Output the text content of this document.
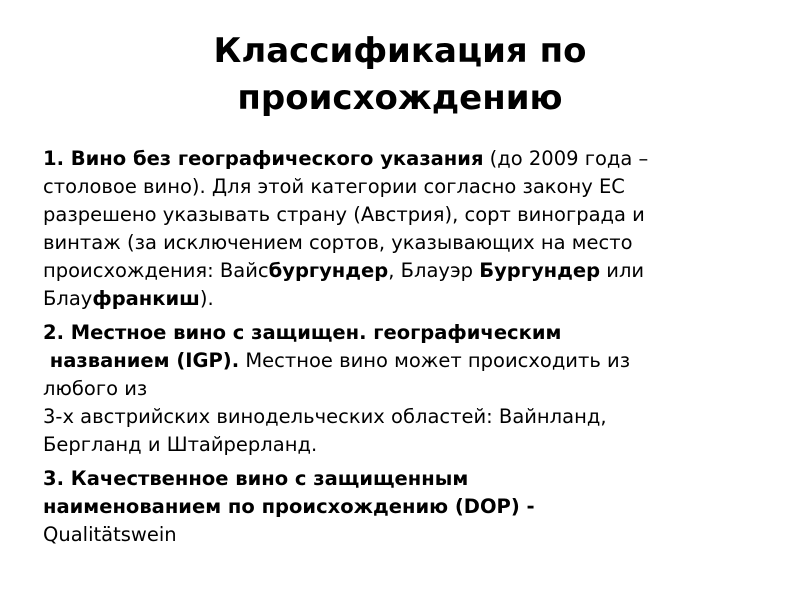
Классификация по
происхождению
1. Вино без географического указания (до 2009 года –
столовое вино). Для этой категории согласно закону ЕС
разрешено указывать страну (Австрия), сорт винограда и
винтаж (за исключением сортов, указывающих на место
происхождения: Вайсбургундер, Блауэр Бургундер или
Блауфранкиш).
2. Местное вино с защищен. географическим
названием (IGP). Местное вино может происходить из
любого из
3-х австрийских винодельческих областей: Вайнланд,
Бергланд и Штайрерланд.
3. Качественное вино с защищенным
наименованием по происхождению (DOP) -
Qualitätswein
